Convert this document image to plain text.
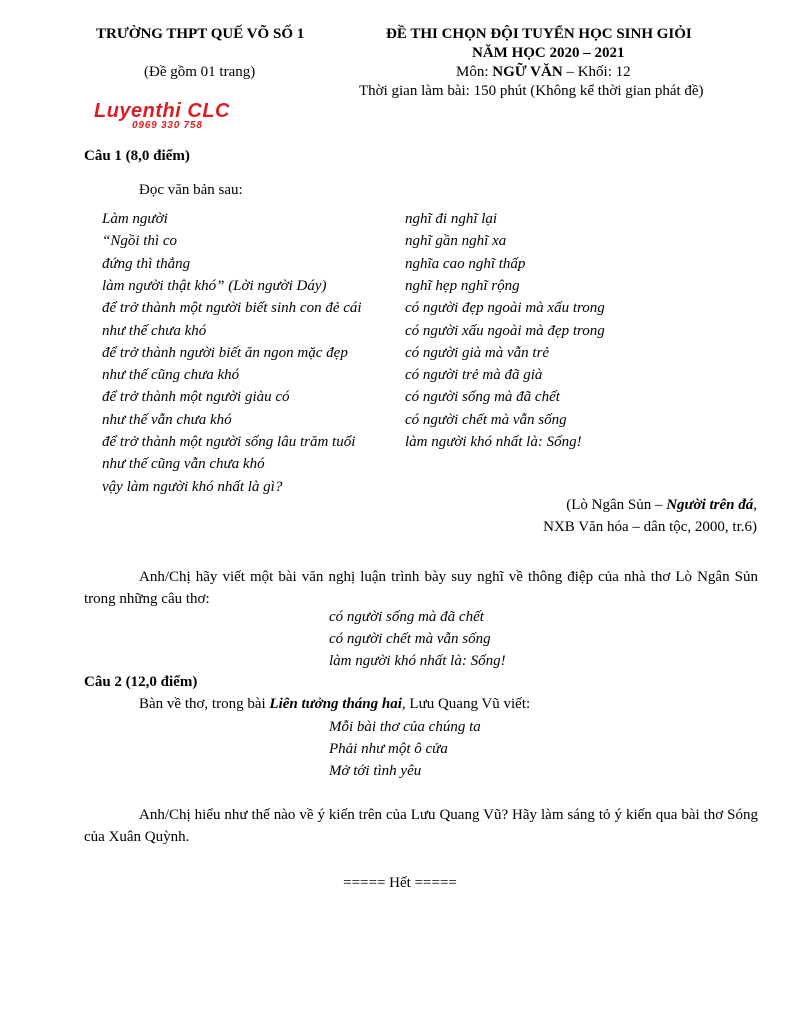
TRƯỜNG THPT QUẾ VÕ SỐ 1
(Đề gồm 01 trang)
ĐỀ THI CHỌN ĐỘI TUYỂN HỌC SINH GIỎI
NĂM HỌC 2020 – 2021
Môn: NGỮ VĂN – Khối: 12
Thời gian làm bài: 150 phút (Không kể thời gian phát đề)
Luyenthi CLC
0969 330 758
Câu 1 (8,0 điểm)
Đọc văn bản sau:
Làm người
“Ngồi thì co
đứng thì thẳng
làm người thật khó” (Lời người Dáy)
để trở thành một người biết sinh con đẻ cái
như thế chưa khó
để trở thành người biết ăn ngon mặc đẹp
như thế cũng chưa khó
để trở thành một người giàu có
như thế vẫn chưa khó
để trở thành một người sống lâu trăm tuổi
như thế cũng vẫn chưa khó
vậy làm người khó nhất là gì?
nghĩ đi nghĩ lại
nghĩ gần nghĩ xa
nghĩa cao nghĩ thấp
nghĩ hẹp nghĩ rộng
có người đẹp ngoài mà xấu trong
có người xấu ngoài mà đẹp trong
có người già mà vẫn trẻ
có người trẻ mà đã già
có người sống mà đã chết
có người chết mà vẫn sống
làm người khó nhất là: Sống!
(Lò Ngân Sủn – Người trên đá,
NXB Văn hóa – dân tộc, 2000, tr.6)
Anh/Chị hãy viết một bài văn nghị luận trình bày suy nghĩ về thông điệp của nhà thơ Lò Ngân Sủn trong những câu thơ:
có người sống mà đã chết
có người chết mà vẫn sống
làm người khó nhất là: Sống!
Câu 2 (12,0 điểm)
Bàn về thơ, trong bài Liên tưởng tháng hai, Lưu Quang Vũ viết:
Mỗi bài thơ của chúng ta
Phải như một ô cửa
Mở tới tình yêu
Anh/Chị hiểu như thế nào về ý kiến trên của Lưu Quang Vũ? Hãy làm sáng tỏ ý kiến qua bài thơ Sóng của Xuân Quỳnh.
===== Hết =====
